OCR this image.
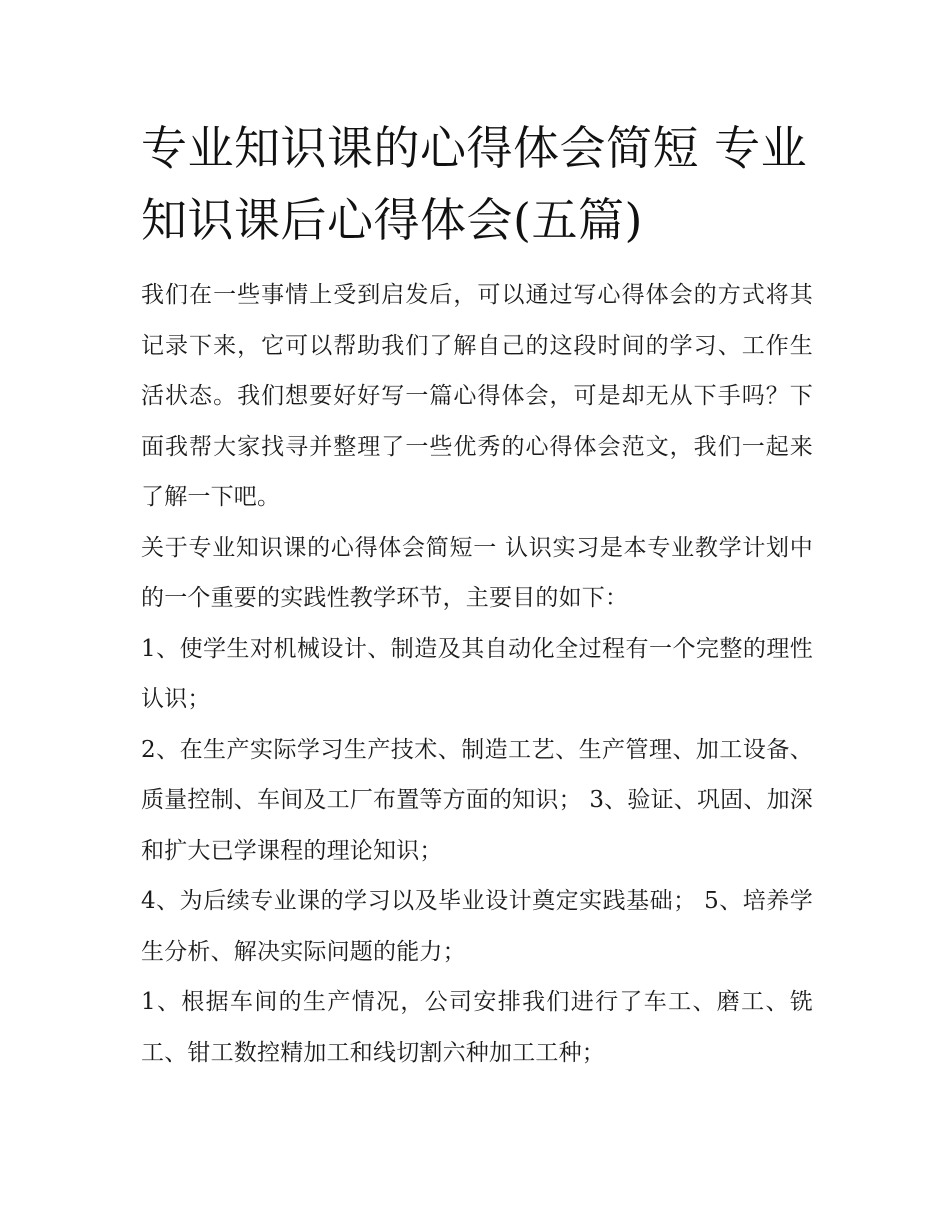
专业知识课的心得体会简短 专业知识课后心得体会(五篇)

我们在一些事情上受到启发后，可以通过写心得体会的方式将其记录下来，它可以帮助我们了解自己的这段时间的学习、工作生活状态。我们想要好好写一篇心得体会，可是却无从下手吗？下面我帮大家找寻并整理了一些优秀的心得体会范文，我们一起来了解一下吧。

关于专业知识课的心得体会简短一 认识实习是本专业教学计划中的一个重要的实践性教学环节，主要目的如下：

1、使学生对机械设计、制造及其自动化全过程有一个完整的理性认识；

2、在生产实际学习生产技术、制造工艺、生产管理、加工设备、质量控制、车间及工厂布置等方面的知识； 3、验证、巩固、加深和扩大已学课程的理论知识；

4、为后续专业课的学习以及毕业设计奠定实践基础； 5、培养学生分析、解决实际问题的能力；

1、根据车间的生产情况，公司安排我们进行了车工、磨工、铣工、钳工数控精加工和线切割六种加工工种；
